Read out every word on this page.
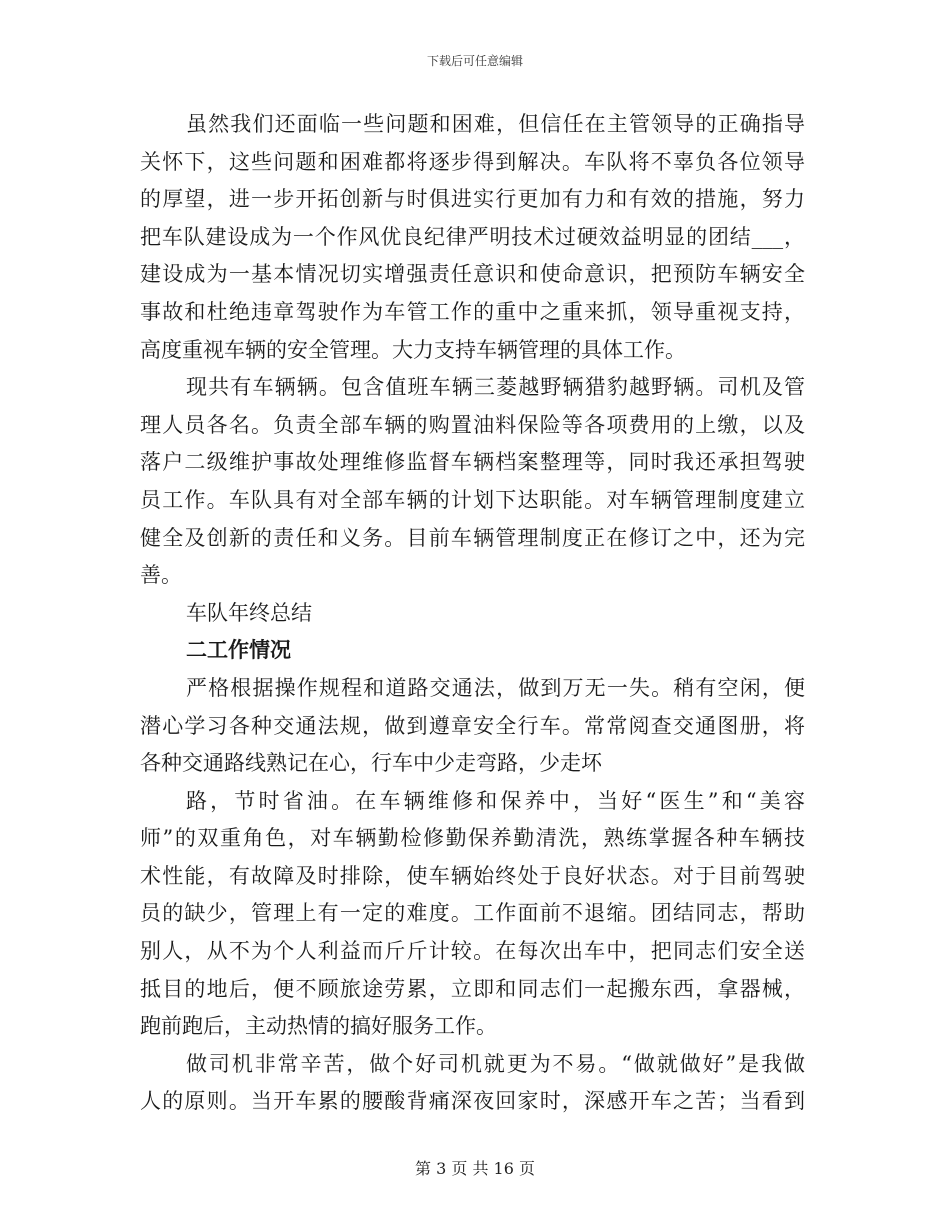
下载后可任意编辑
虽然我们还面临一些问题和困难，但信任在主管领导的正确指导
关怀下，这些问题和困难都将逐步得到解决。车队将不辜负各位领导
的厚望，进一步开拓创新与时俱进实行更加有力和有效的措施，努力
把车队建设成为一个作风优良纪律严明技术过硬效益明显的团结___，
建设成为一基本情况切实增强责任意识和使命意识，把预防车辆安全
事故和杜绝违章驾驶作为车管工作的重中之重来抓，领导重视支持，
高度重视车辆的安全管理。大力支持车辆管理的具体工作。
现共有车辆辆。包含值班车辆三菱越野辆猎豹越野辆。司机及管
理人员各名。负责全部车辆的购置油料保险等各项费用的上缴，以及
落户二级维护事故处理维修监督车辆档案整理等，同时我还承担驾驶
员工作。车队具有对全部车辆的计划下达职能。对车辆管理制度建立
健全及创新的责任和义务。目前车辆管理制度正在修订之中，还为完
善。
车队年终总结
二工作情况
严格根据操作规程和道路交通法，做到万无一失。稍有空闲，便
潜心学习各种交通法规，做到遵章安全行车。常常阅查交通图册，将
各种交通路线熟记在心，行车中少走弯路，少走坏
路，节时省油。在车辆维修和保养中，当好“医生”和“美容
师”的双重角色，对车辆勤检修勤保养勤清洗，熟练掌握各种车辆技
术性能，有故障及时排除，使车辆始终处于良好状态。对于目前驾驶
员的缺少，管理上有一定的难度。工作面前不退缩。团结同志，帮助
别人，从不为个人利益而斤斤计较。在每次出车中，把同志们安全送
抵目的地后，便不顾旅途劳累，立即和同志们一起搬东西，拿器械，
跑前跑后，主动热情的搞好服务工作。
做司机非常辛苦，做个好司机就更为不易。“做就做好”是我做
人的原则。当开车累的腰酸背痛深夜回家时，深感开车之苦；当看到
第 3 页 共 16 页
